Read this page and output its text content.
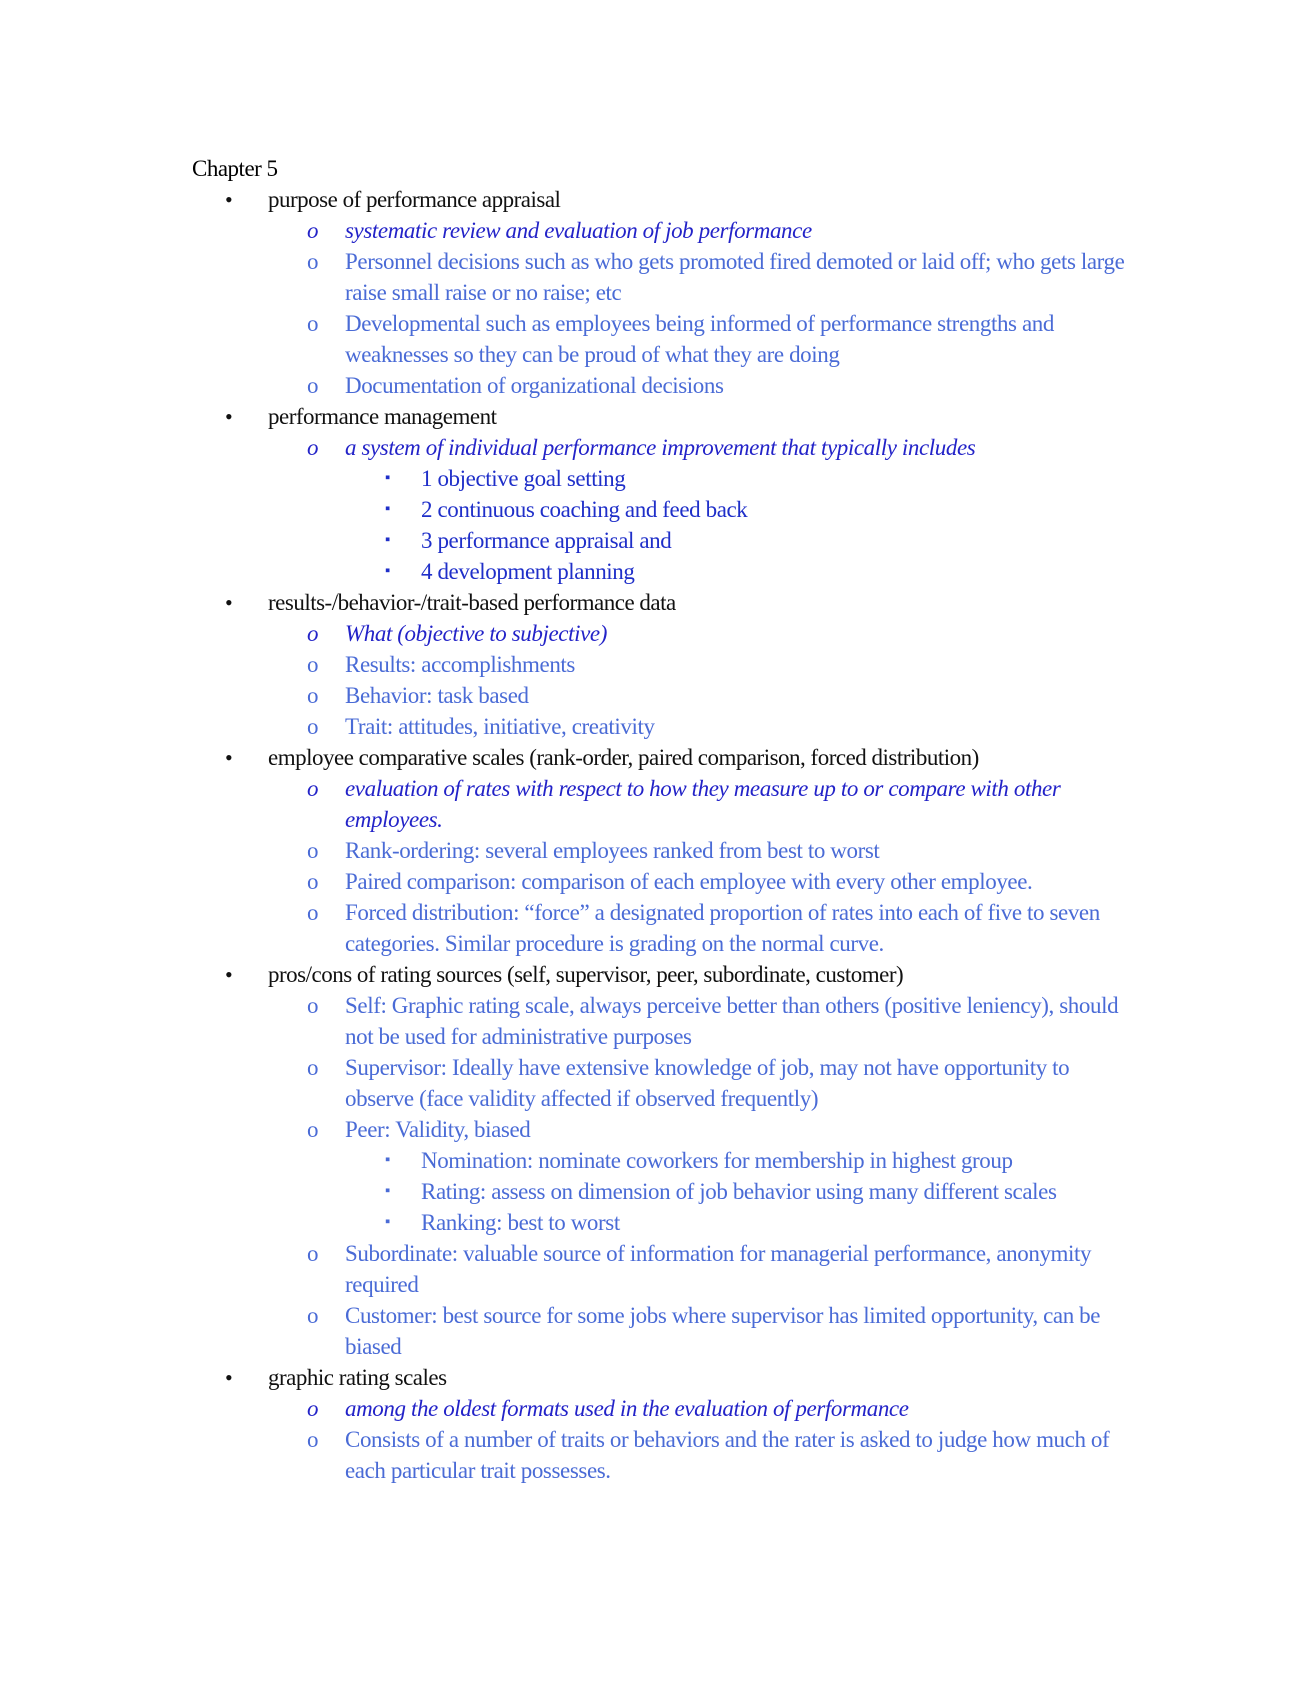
Chapter 5

• purpose of performance appraisal
o systematic review and evaluation of job performance
o Personnel decisions such as who gets promoted fired demoted or laid off; who gets large raise small raise or no raise; etc
o Developmental such as employees being informed of performance strengths and weaknesses so they can be proud of what they are doing
o Documentation of organizational decisions
• performance management
o a system of individual performance improvement that typically includes
▪ 1 objective goal setting
▪ 2 continuous coaching and feed back
▪ 3 performance appraisal and
▪ 4 development planning
• results-/behavior-/trait-based performance data
o What (objective to subjective)
o Results: accomplishments
o Behavior: task based
o Trait: attitudes, initiative, creativity
• employee comparative scales (rank-order, paired comparison, forced distribution)
o evaluation of rates with respect to how they measure up to or compare with other employees.
o Rank-ordering: several employees ranked from best to worst
o Paired comparison: comparison of each employee with every other employee.
o Forced distribution: “force” a designated proportion of rates into each of five to seven categories. Similar procedure is grading on the normal curve.
• pros/cons of rating sources (self, supervisor, peer, subordinate, customer)
o Self: Graphic rating scale, always perceive better than others (positive leniency), should not be used for administrative purposes
o Supervisor: Ideally have extensive knowledge of job, may not have opportunity to observe (face validity affected if observed frequently)
o Peer: Validity, biased
▪ Nomination: nominate coworkers for membership in highest group
▪ Rating: assess on dimension of job behavior using many different scales
▪ Ranking: best to worst
o Subordinate: valuable source of information for managerial performance, anonymity required
o Customer: best source for some jobs where supervisor has limited opportunity, can be biased
• graphic rating scales
o among the oldest formats used in the evaluation of performance
o Consists of a number of traits or behaviors and the rater is asked to judge how much of each particular trait possesses.
